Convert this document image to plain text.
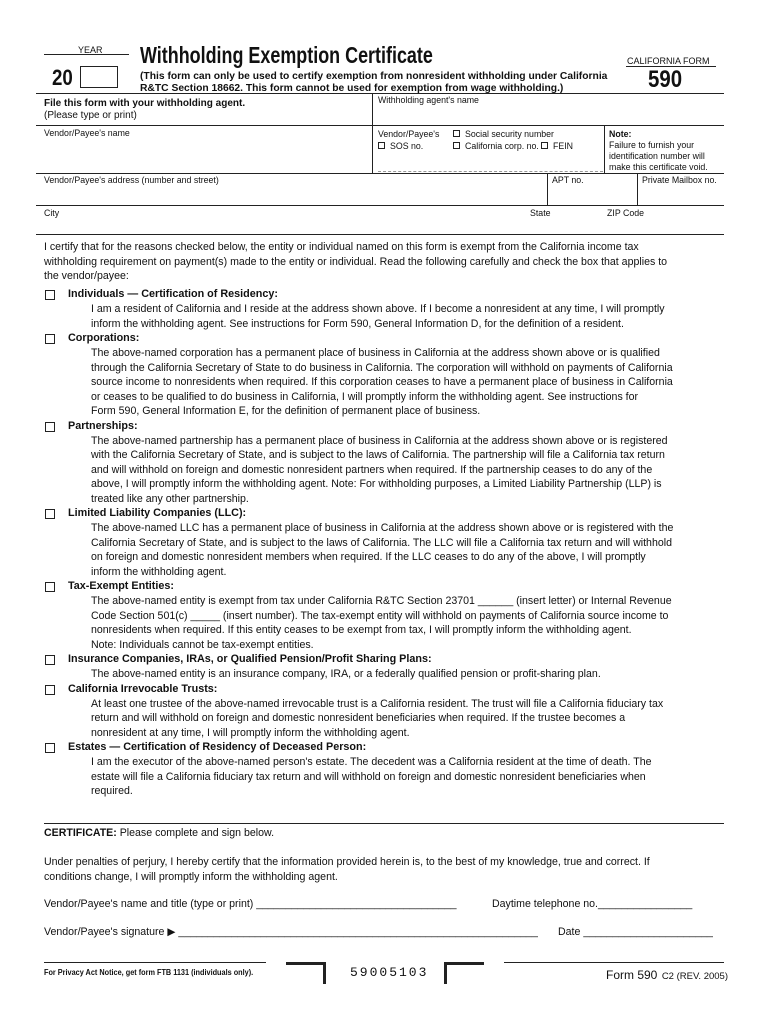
YEAR
20
Withholding Exemption Certificate
(This form can only be used to certify exemption from nonresident withholding under California
R&TC Section 18662. This form cannot be used for exemption from wage withholding.)
CALIFORNIA FORM
590
File this form with your withholding agent.
(Please type or print)
Withholding agent's name
Vendor/Payee's name	Vendor/Payee's	Social security number
SOS no.	California corp. no. FEIN
Note:
Failure to furnish your
identification number will
make this certificate void.
Vendor/Payee's address (number and street)	APT no.	Private Mailbox no.
City	State	ZIP Code
I certify that for the reasons checked below, the entity or individual named on this form is exempt from the California income tax
withholding requirement on payment(s) made to the entity or individual. Read the following carefully and check the box that applies to
the vendor/payee:
Individuals — Certification of Residency:
I am a resident of California and I reside at the address shown above. If I become a nonresident at any time, I will promptly
inform the withholding agent. See instructions for Form 590, General Information D, for the definition of a resident.
Corporations:
The above-named corporation has a permanent place of business in California at the address shown above or is qualified
through the California Secretary of State to do business in California. The corporation will withhold on payments of California
source income to nonresidents when required. If this corporation ceases to have a permanent place of business in California
or ceases to be qualified to do business in California, I will promptly inform the withholding agent. See instructions for
Form 590, General Information E, for the definition of permanent place of business.
Partnerships:
The above-named partnership has a permanent place of business in California at the address shown above or is registered
with the California Secretary of State, and is subject to the laws of California. The partnership will file a California tax return
and will withhold on foreign and domestic nonresident partners when required. If the partnership ceases to do any of the
above, I will promptly inform the withholding agent. Note: For withholding purposes, a Limited Liability Partnership (LLP) is
treated like any other partnership.
Limited Liability Companies (LLC):
The above-named LLC has a permanent place of business in California at the address shown above or is registered with the
California Secretary of State, and is subject to the laws of California. The LLC will file a California tax return and will withhold
on foreign and domestic nonresident members when required. If the LLC ceases to do any of the above, I will promptly
inform the withholding agent.
Tax-Exempt Entities:
The above-named entity is exempt from tax under California R&TC Section 23701 ______ (insert letter) or Internal Revenue
Code Section 501(c) _____ (insert number). The tax-exempt entity will withhold on payments of California source income to
nonresidents when required. If this entity ceases to be exempt from tax, I will promptly inform the withholding agent.
Note: Individuals cannot be tax-exempt entities.
Insurance Companies, IRAs, or Qualified Pension/Profit Sharing Plans:
The above-named entity is an insurance company, IRA, or a federally qualified pension or profit-sharing plan.
California Irrevocable Trusts:
At least one trustee of the above-named irrevocable trust is a California resident. The trust will file a California fiduciary tax
return and will withhold on foreign and domestic nonresident beneficiaries when required. If the trustee becomes a
nonresident at any time, I will promptly inform the withholding agent.
Estates — Certification of Residency of Deceased Person:
I am the executor of the above-named person's estate. The decedent was a California resident at the time of death. The
estate will file a California fiduciary tax return and will withhold on foreign and domestic nonresident beneficiaries when
required.
CERTIFICATE: Please complete and sign below.
Under penalties of perjury, I hereby certify that the information provided herein is, to the best of my knowledge, true and correct. If
conditions change, I will promptly inform the withholding agent.
Vendor/Payee's name and title (type or print) __________________________________	Daytime telephone no.________________
Vendor/Payee's signature ▶ _____________________________________________________________ Date ______________________
For Privacy Act Notice, get form FTB 1131 (individuals only).	59005103	Form 590 C2 (REV. 2005)
